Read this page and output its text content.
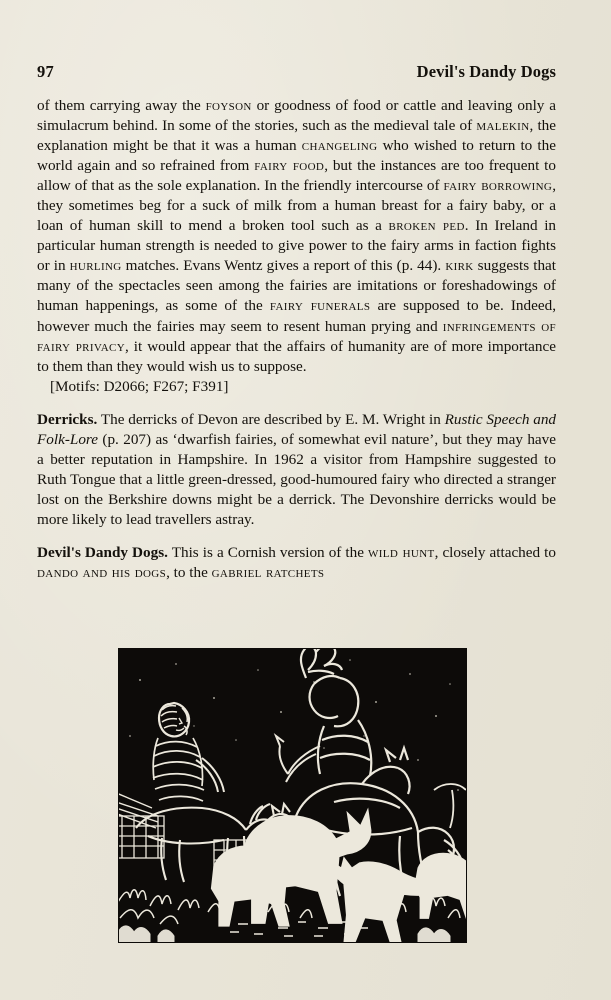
97	Devil's Dandy Dogs

of them carrying away the foyson or goodness of food or cattle and leaving only a simulacrum behind. In some of the stories, such as the medieval tale of malekin, the explanation might be that it was a human changeling who wished to return to the world again and so refrained from fairy food, but the instances are too frequent to allow of that as the sole explanation. In the friendly intercourse of fairy borrowing, they sometimes beg for a suck of milk from a human breast for a fairy baby, or a loan of human skill to mend a broken tool such as a broken ped. In Ireland in particular human strength is needed to give power to the fairy arms in faction fights or in hurling matches. Evans Wentz gives a report of this (p. 44). kirk suggests that many of the spectacles seen among the fairies are imitations or foreshadowings of human happenings, as some of the fairy funerals are supposed to be. Indeed, however much the fairies may seem to resent human prying and infringements of fairy privacy, it would appear that the affairs of humanity are of more importance to them than they would wish us to suppose.

[Motifs: D2066; F267; F391]

Derricks. The derricks of Devon are described by E. M. Wright in Rustic Speech and Folk-Lore (p. 207) as ‘dwarfish fairies, of somewhat evil nature’, but they may have a better reputation in Hampshire. In 1962 a visitor from Hampshire suggested to Ruth Tongue that a little green-dressed, good-humoured fairy who directed a stranger lost on the Berkshire downs might be a derrick. The Devonshire derricks would be more likely to lead travellers astray.

Devil's Dandy Dogs. This is a Cornish version of the wild hunt, closely attached to dando and his dogs, to the gabriel ratchets
